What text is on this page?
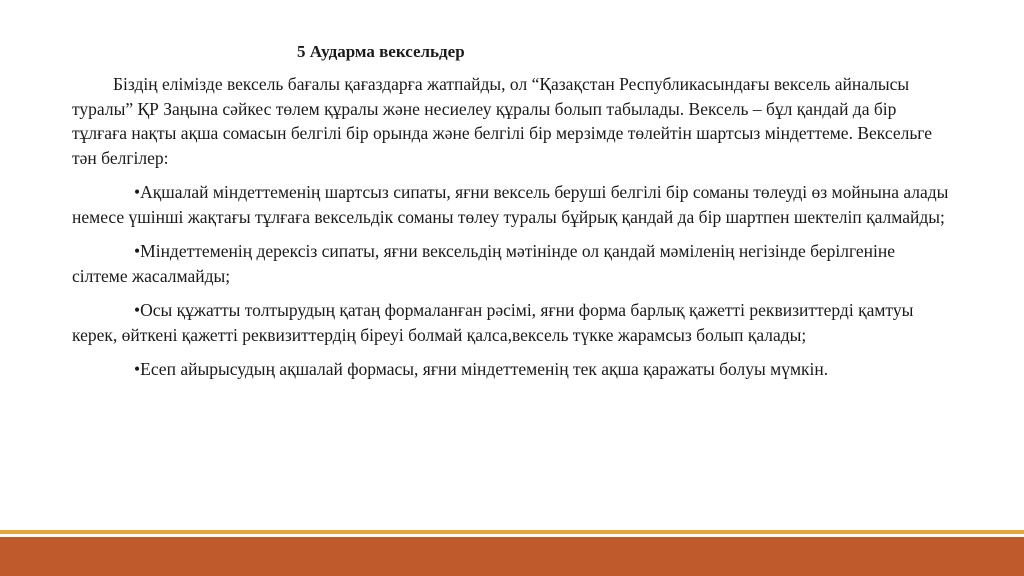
5 Аударма вексельдер

Біздің елімізде вексель бағалы қағаздарға жатпайды, ол “Қазақстан Республикасындағы вексель айналысы туралы” ҚР Заңына сәйкес төлем құралы және несиелеу құралы болып табылады. Вексель – бұл қандай да бір тұлғаға нақты ақша сомасын белгілі бір орында және белгілі бір мерзімде төлейтін шартсыз міндеттеме. Вексельге тән белгілер:

•Ақшалай міндеттеменің шартсыз сипаты, яғни вексель беруші белгілі бір соманы төлеуді өз мойнына алады немесе үшінші жақтағы тұлғаға вексельдік соманы төлеу туралы бұйрық қандай да бір шартпен шектеліп қалмайды;
•Міндеттеменің дерексіз сипаты, яғни вексельдің мәтінінде ол қандай мәміленің негізінде берілгеніне сілтеме жасалмайды;
•Осы құжатты толтырудың қатаң формаланған рәсімі, яғни форма барлық қажетті реквизиттерді қамтуы керек, өйткені қажетті реквизиттердің біреуі болмай қалса,вексель түкке жарамсыз болып қалады;
•Есеп айырысудың ақшалай формасы, яғни міндеттеменің тек ақша қаражаты болуы мүмкін.
